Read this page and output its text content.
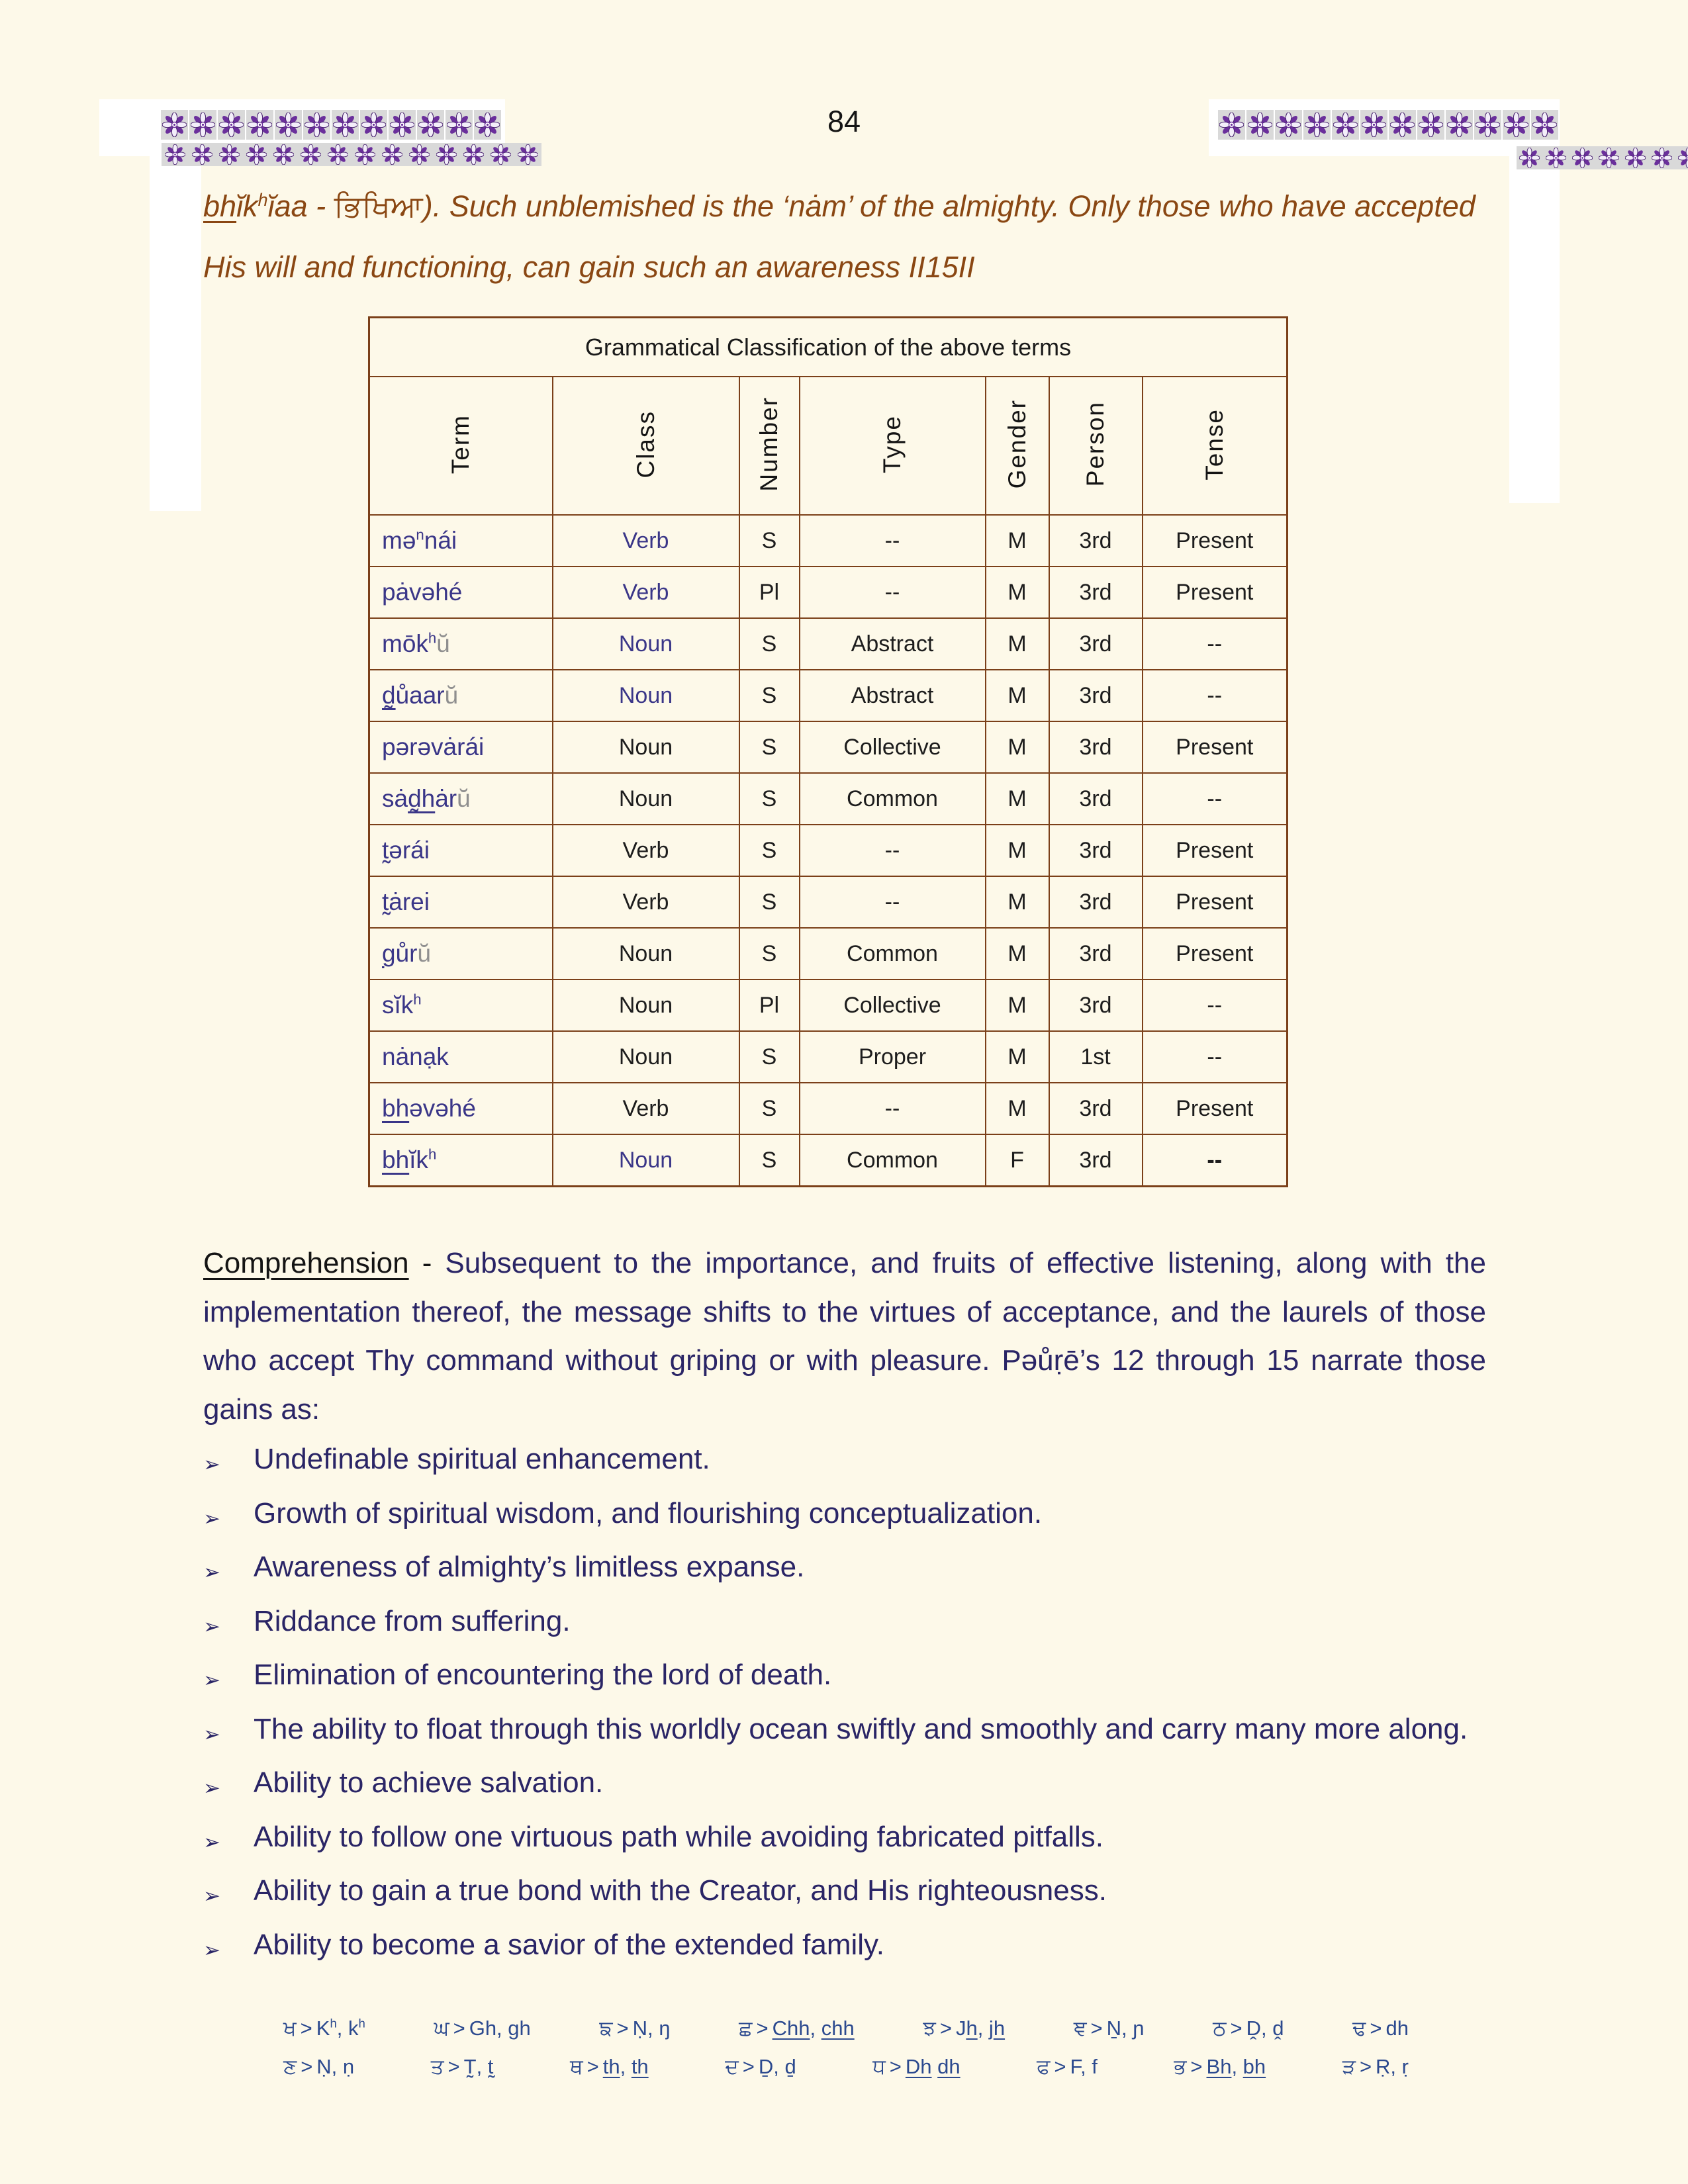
84
bhĭk$^h$ĭaa - ਭਿਖਿਆ). Such unblemished is the ‘nȧm’ of the almighty. Only those who have accepted His will and functioning, can gain such an awareness II15II
Grammatical Classification of the above terms						
Term	Class	Number	Type	Gender	Person	Tense
mə$^n$nái	Verb	S	--	M	3rd	Present
pȧvəhé	Verb	Pl	--	M	3rd	Present
mōk$^h$ŭ	Noun	S	Abstract	M	3rd	--
d̰ůaarŭ	Noun	S	Abstract	M	3rd	--
pərəvȧrái	Noun	S	Collective	M	3rd	Present
sȧd̰hȧrŭ	Noun	S	Common	M	3rd	--
t̰ərái	Verb	S	--	M	3rd	Present
t̰ȧrei	Verb	S	--	M	3rd	Present
gůrŭ	Noun	S	Common	M	3rd	Present
sĭk$^h$	Noun	Pl	Collective	M	3rd	--
nȧnạk	Noun	S	Proper	M	1st	--
bhəvəhé	Verb	S	--	M	3rd	Present
bhĭk$^h$	Noun	S	Common	F	3rd	--
Comprehension - Subsequent to the importance, and fruits of effective listening, along with the implementation thereof, the message shifts to the virtues of acceptance, and the laurels of those who accept Thy command without griping or with pleasure. Pəůṛē’s 12 through 15 narrate those gains as:
➢	Undefinable spiritual enhancement.
➢	Growth of spiritual wisdom, and flourishing conceptualization.
➢	Awareness of almighty’s limitless expanse.
➢	Riddance from suffering.
➢	Elimination of encountering the lord of death.
➢	The ability to float through this worldly ocean swiftly and smoothly and carry many more along.
➢	Ability to achieve salvation.
➢	Ability to follow one virtuous path while avoiding fabricated pitfalls.
➢	Ability to gain a true bond with the Creator, and His righteousness.
➢	Ability to become a savior of the extended family.
ਖ > $K^h$, $k^h$	ਘ > Gh, gh	ਙ > Ṇ, ŋ	ਛ > Chh, chh	ਝ > Jh, jh	ਞ > Ṉ, ɲ	ਠ > Ḓ, ḓ	ਢ > dh
ਣ > Ṇ, ṇ	ਤ > T̰, t̰	ਥ > th, th	ਦ > Ḏ, ḏ	ਧ > Dh dh	ਫ > F, f	ਭ > Bh, bh	ੜ > Ṛ, ṛ
